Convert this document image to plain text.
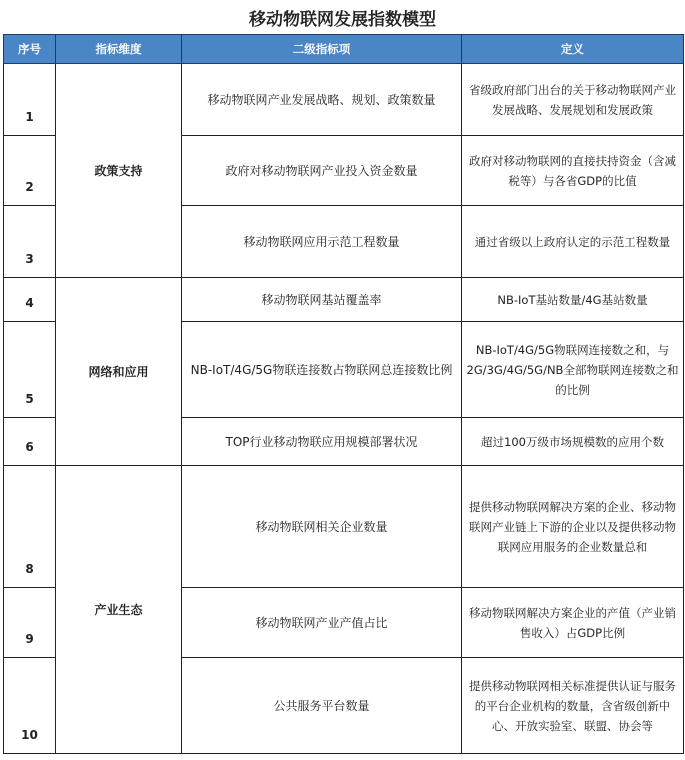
移动物联网发展指数模型
序号	指标维度	二级指标项	定义
1	政策支持	移动物联网产业发展战略、规划、政策数量	省级政府部门出台的关于移动物联网产业发展战略、发展规划和发展政策
2		政府对移动物联网产业投入资金数量	政府对移动物联网的直接扶持资金（含减税等）与各省GDP的比值
3		移动物联网应用示范工程数量	通过省级以上政府认定的示范工程数量
4	网络和应用	移动物联网基站覆盖率	NB-IoT基站数量/4G基站数量
5		NB-IoT/4G/5G物联连接数占物联网总连接数比例	NB-IoT/4G/5G物联网连接数之和，与2G/3G/4G/5G/NB全部物联网连接数之和的比例
6		TOP行业移动物联应用规模部署状况	超过100万级市场规模数的应用个数
8	产业生态	移动物联网相关企业数量	提供移动物联网解决方案的企业、移动物联网产业链上下游的企业以及提供移动物联网应用服务的企业数量总和
9		移动物联网产业产值占比	移动物联网解决方案企业的产值（产业销售收入）占GDP比例
10		公共服务平台数量	提供移动物联网相关标准提供认证与服务的平台企业机构的数量，含省级创新中心、开放实验室、联盟、协会等
